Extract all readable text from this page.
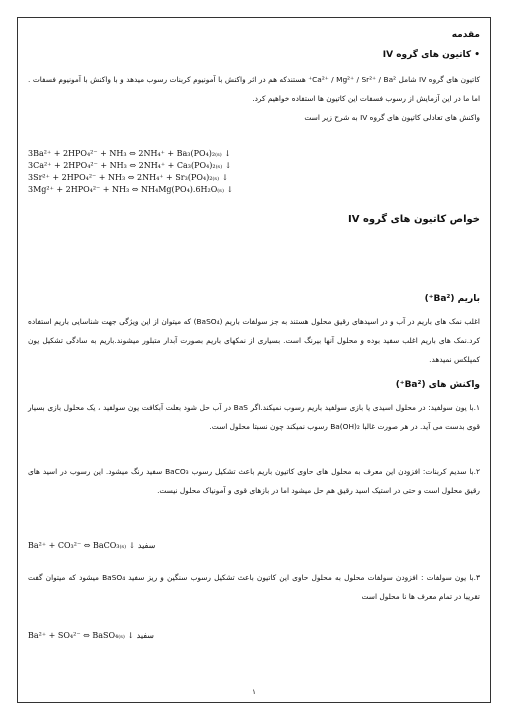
مقدمه

• کاتیون های گروه IV

کاتیون های گروه IV شامل Ca²⁺ / Mg²⁺ / Sr²⁺ / Ba²⁺ هستندکه هم در اثر واکنش با آمونیوم کربنات رسوب میدهد و با واکنش با آمونیوم فسفات . اما ما در این آزمایش از رسوب فسفات این کاتیون ها استفاده خواهیم کرد.

واکنش های تعادلی کاتیون های گروه IV به شرح زیر است

3Ba²⁺ + 2HPO₄²⁻ + NH₃ ⇔ 2NH₄⁺ + Ba₃(PO₄)₂₍ₛ₎ ↓

3Ca²⁺ + 2HPO₄²⁻ + NH₃ ⇔ 2NH₄⁺ + Ca₃(PO₄)₂₍ₛ₎ ↓

3Sr²⁺ + 2HPO₄²⁻ + NH₃ ⇔ 2NH₄⁺ + Sr₃(PO₄)₂₍ₛ₎ ↓

3Mg²⁺ + 2HPO₄²⁻ + NH₃ ⇔ NH₄Mg(PO₄).6H₂O₍ₛ₎ ↓

خواص کاتیون های گروه IV

باریم (Ba²⁺)

اغلب نمک های باریم در آب و در اسیدهای رقیق محلول هستند به جز سولفات باریم (BaSO₄) که میتوان از این ویژگی جهت شناسایی باریم استفاده کرد.نمک های باریم اغلب سفید بوده و محلول آنها بیرنگ است. بسیاری از نمکهای باریم بصورت آبدار متبلور میشوند.باریم به سادگی تشکیل یون کمپلکس نمیدهد.

واکنش های (Ba²⁺)

۱.با یون سولفید: در محلول اسیدی یا بازی سولفید باریم رسوب نمیکند.اگر BaS در آب حل شود بعلت آبکافت یون سولفید ، یک محلول بازی بسیار قوی بدست می آید. در هر صورت غالبا Ba(OH)₂ رسوب نمیکند چون نسبتا محلول است.

۲.با سدیم کربنات: افزودن این معرف به محلول های حاوی کاتیون باریم باعث تشکیل رسوب BaCO₃ سفید رنگ میشود. این رسوب در اسید های رقیق محلول است و حتی در استیک اسید رقیق هم حل میشود اما در بازهای قوی و آمونیاک محلول نیست.

Ba²⁺ + CO₃²⁻ ⇔ BaCO₃₍ₛ₎ ↓ سفید

۳.با یون سولفات : افزودن سولفات محلول به محلول حاوی این کاتیون باعث تشکیل رسوب سنگین و ریز سفید BaSO₄ میشود که میتوان گفت تقریبا در تمام معرف ها نا محلول است

Ba²⁺ + SO₄²⁻ ⇔ BaSO₄₍ₛ₎ ↓ سفید

۱
